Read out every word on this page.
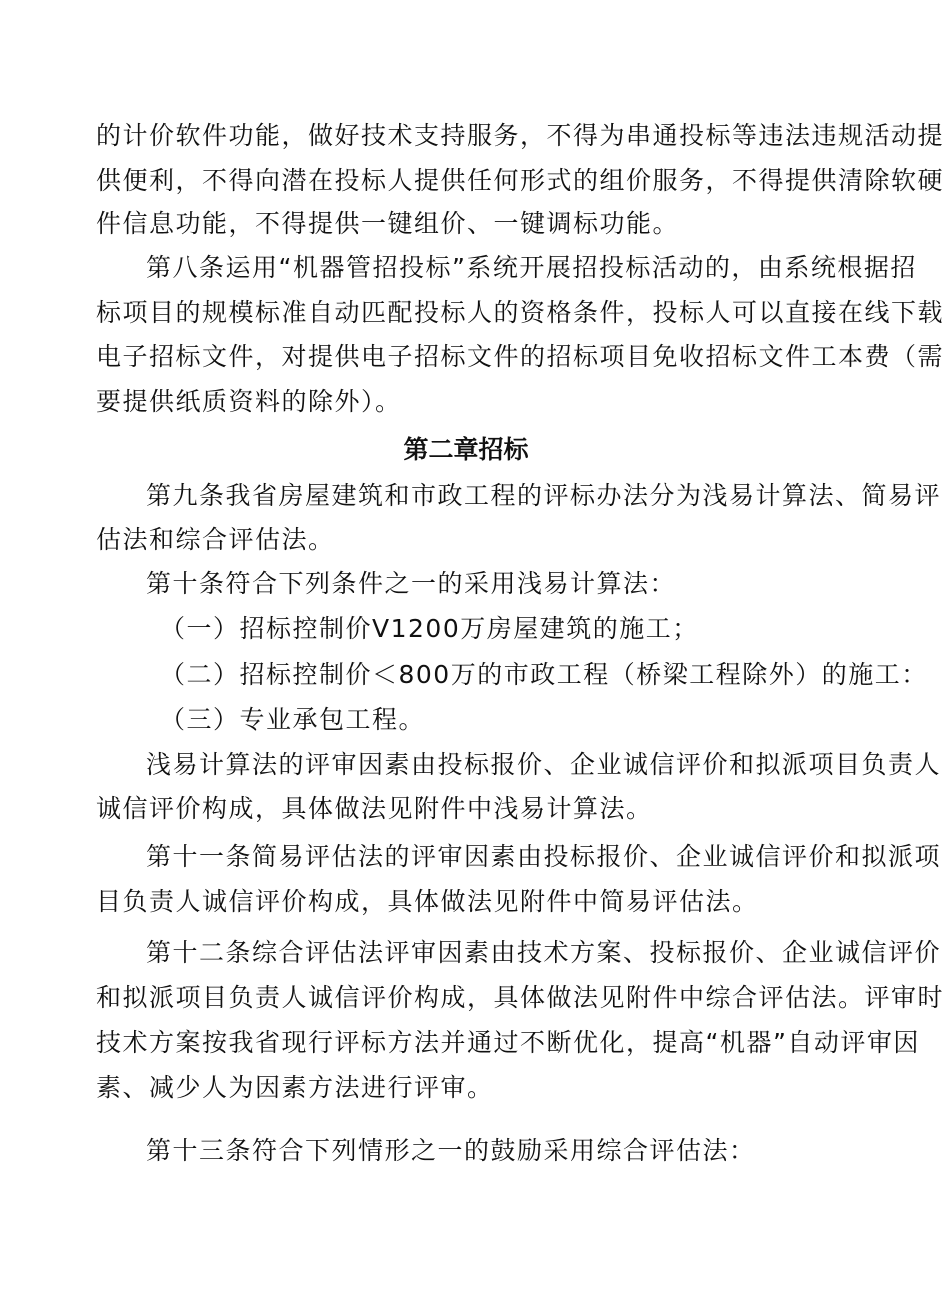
的计价软件功能，做好技术支持服务，不得为串通投标等违法违规活动提
供便利，不得向潜在投标人提供任何形式的组价服务，不得提供清除软硬
件信息功能，不得提供一键组价、一键调标功能。
第八条运用“机器管招投标”系统开展招投标活动的，由系统根据招
标项目的规模标准自动匹配投标人的资格条件，投标人可以直接在线下载
电子招标文件，对提供电子招标文件的招标项目免收招标文件工本费（需
要提供纸质资料的除外）。
第二章招标
第九条我省房屋建筑和市政工程的评标办法分为浅易计算法、简易评
估法和综合评估法。
第十条符合下列条件之一的采用浅易计算法：
（一）招标控制价V1200万房屋建筑的施工；
（二）招标控制价＜800万的市政工程（桥梁工程除外）的施工：
（三）专业承包工程。
浅易计算法的评审因素由投标报价、企业诚信评价和拟派项目负责人
诚信评价构成，具体做法见附件中浅易计算法。
第十一条简易评估法的评审因素由投标报价、企业诚信评价和拟派项
目负责人诚信评价构成，具体做法见附件中简易评估法。
第十二条综合评估法评审因素由技术方案、投标报价、企业诚信评价
和拟派项目负责人诚信评价构成，具体做法见附件中综合评估法。评审时
技术方案按我省现行评标方法并通过不断优化，提高“机器”自动评审因
素、减少人为因素方法进行评审。
第十三条符合下列情形之一的鼓励采用综合评估法：
